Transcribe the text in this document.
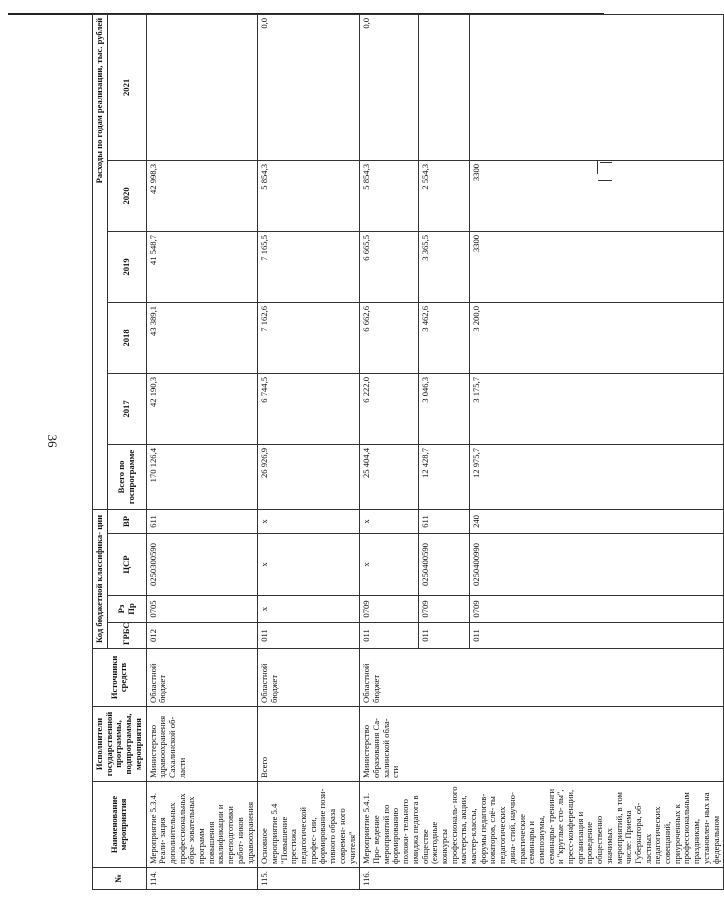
36
№	Наименование мероприятия	Исполнители государственной программы, подпрограммы, мероприятия	Источники средств	Код бюджетной классифика- ции				Расходы по годам реализации, тыс. рублей					
				ГРБС	Рз Пр	ЦСР	ВР	Всего по госпрограмме	2017	2018	2019	2020	2021

114.	Мероприятие 5.3.4. Реали- зация дополнительных профессиональных обра- зовательных программ повышения квалификации и переподготовки работ- ников здравоохранения	Министерство здравоохранения Сахалинской об- ласти	Областной бюджет	012	0705	0250300590	611	170 126,4	42 190,3	43 389,1	41 548,7	42 998,3	
115.	Основное мероприятие 5.4 "Повышение престижа педагогической профес- сии, формирование пози- тивного образа современ- ного учителя"	Всего	Областной бюджет	011	x	x	x	26 926,9	6 744,5	7 162,6	7 165,5	5 854,3	0,0
116.	Мероприятие 5.4.1. Про- ведение мероприятий по формированию положи- тельного имиджа педагога в обществе (ежегодные конкурсы профессиональ- ного мастерства, акции, мастер-классы, форумы педагогов-новаторов, слё- ты педагогических дина- стий, научно- практические семинары и симпозиумы, семинары- тренинги и "круглые сто- лы", пресс-конференции, организация и проведение общественно значимых мероприятий, в том числе: Приема Губернатора, об- ластных педагогических совещаний, приуроченных к профессиональным праздникам, установлен- ных на федеральном	Министерство образования Са- халинской обла- сти	Областной бюджет	011	0709	x	x	25 404,4	6 222,0	6 662,6	6 665,5	5 854,3	0,0
				011	0709	0250400590	611	12 428,7	3 046,3	3 462,6	3 365,5	2 554,3	
				011	0709	0250400990	240	12 975,7	3 175,7	3 200,0	3300	3300	
